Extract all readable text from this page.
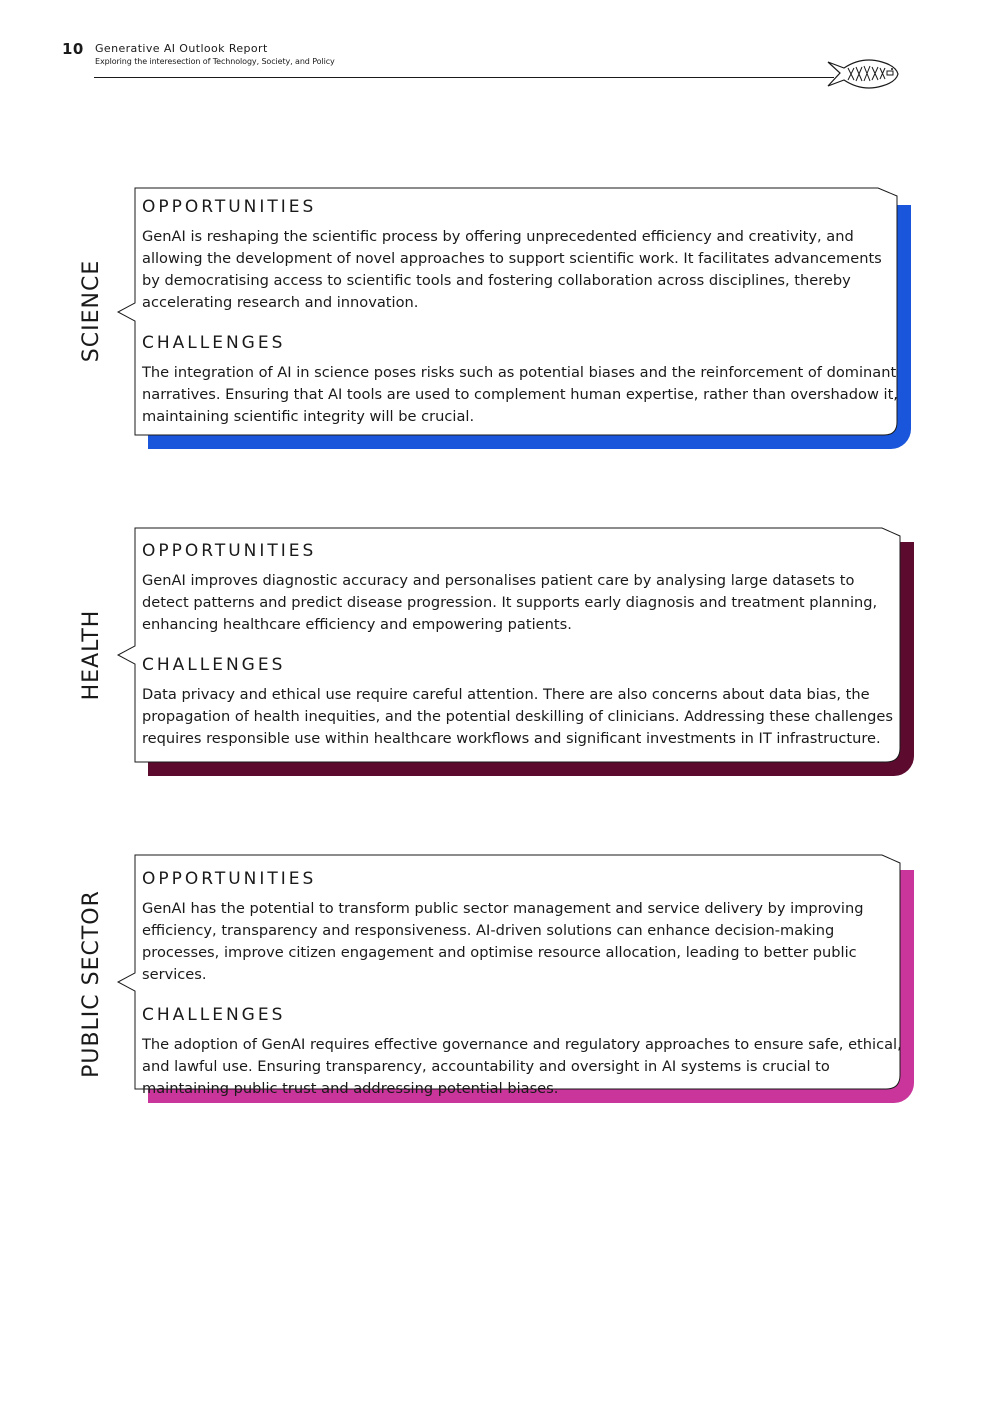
10 Generative AI Outlook Report
Exploring the interesection of Technology, Society, and Policy
SCIENCE
OPPORTUNITIES

GenAI is reshaping the scientific process by offering unprecedented efficiency and creativity, and allowing the development of novel approaches to support scientific work. It facilitates advancements by democratising access to scientific tools and fostering collaboration across disciplines, thereby accelerating research and innovation.

CHALLENGES

The integration of AI in science poses risks such as potential biases and the reinforcement of dominant narratives. Ensuring that AI tools are used to complement human expertise, rather than overshadow it, maintaining scientific integrity will be crucial.

HEALTH
OPPORTUNITIES

GenAI improves diagnostic accuracy and personalises patient care by analysing large datasets to detect patterns and predict disease progression. It supports early diagnosis and treatment planning, enhancing healthcare efficiency and empowering patients.

CHALLENGES

Data privacy and ethical use require careful attention. There are also concerns about data bias, the propagation of health inequities, and the potential deskilling of clinicians. Addressing these challenges requires responsible use within healthcare workflows and significant investments in IT infrastructure.

PUBLIC SECTOR
OPPORTUNITIES

GenAI has the potential to transform public sector management and service delivery by improving efficiency, transparency and responsiveness. AI-driven solutions can enhance decision-making processes, improve citizen engagement and optimise resource allocation, leading to better public services.

CHALLENGES

The adoption of GenAI requires effective governance and regulatory approaches to ensure safe, ethical, and lawful use. Ensuring transparency, accountability and oversight in AI systems is crucial to maintaining public trust and addressing potential biases.
